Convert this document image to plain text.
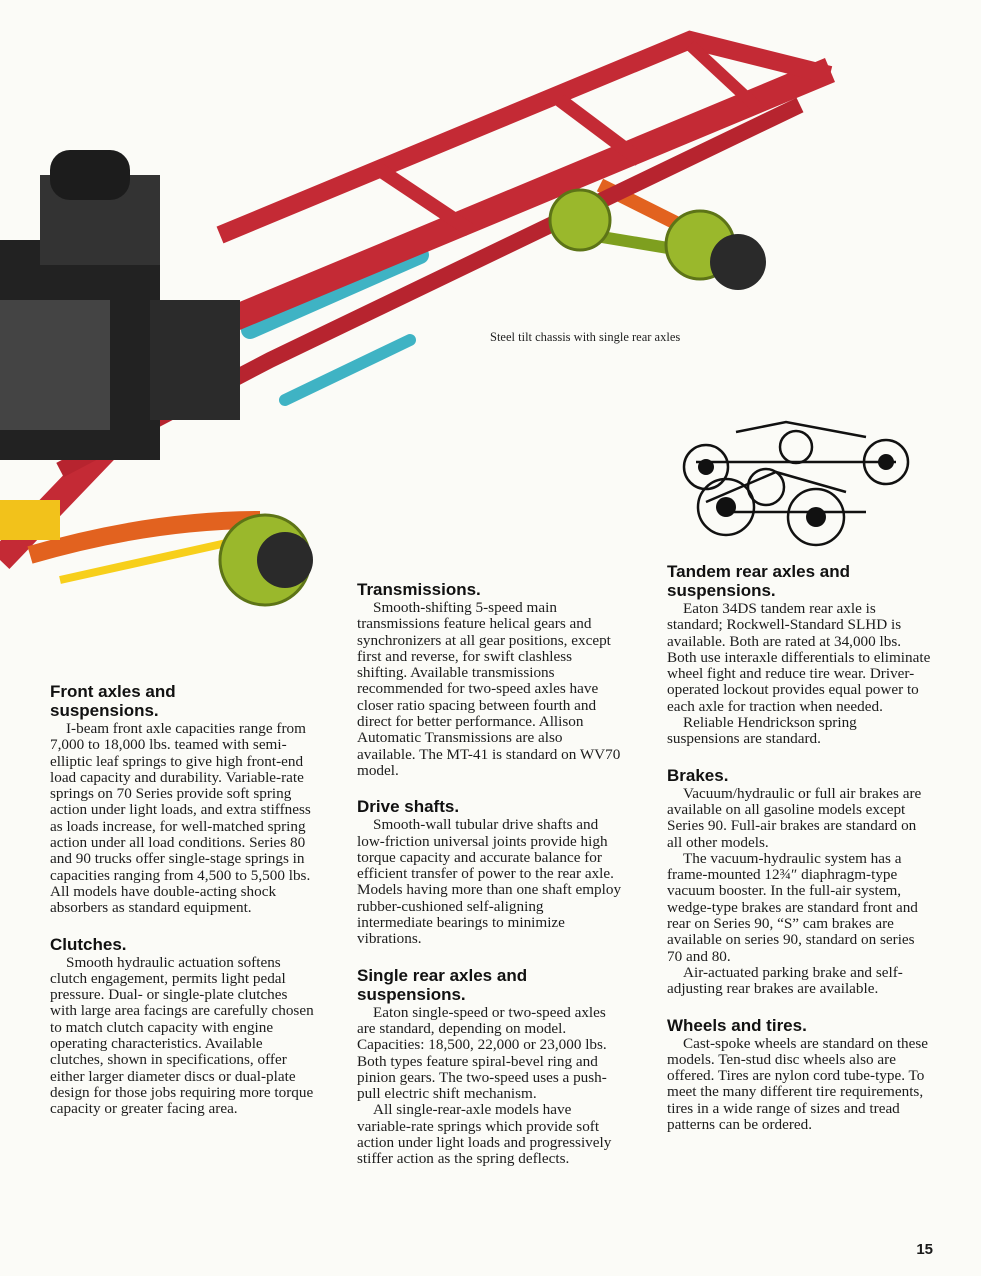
Steel tilt chassis with single rear axles
Front axles and
suspensions.

I-beam front axle capacities range from 7,000 to 18,000 lbs. teamed with semi-elliptic leaf springs to give high front-end load capacity and durability. Variable-rate springs on 70 Series provide soft spring action under light loads, and extra stiffness as loads increase, for well-matched spring action under all load conditions. Series 80 and 90 trucks offer single-stage springs in capacities ranging from 4,500 to 5,500 lbs. All models have double-acting shock absorbers as standard equipment.

Clutches.

Smooth hydraulic actuation softens clutch engagement, permits light pedal pressure. Dual- or single-plate clutches with large area facings are carefully chosen to match clutch capacity with engine operating characteristics. Available clutches, shown in specifications, offer either larger diameter discs or dual-plate design for those jobs requiring more torque capacity or greater facing area.

Transmissions.

Smooth-shifting 5-speed main transmissions feature helical gears and synchronizers at all gear positions, except first and reverse, for swift clashless shifting. Available transmissions recommended for two-speed axles have closer ratio spacing between fourth and direct for better performance. Allison Automatic Transmissions are also available. The MT-41 is standard on WV70 model.

Drive shafts.

Smooth-wall tubular drive shafts and low-friction universal joints provide high torque capacity and accurate balance for efficient transfer of power to the rear axle. Models having more than one shaft employ rubber-cushioned self-aligning intermediate bearings to minimize vibrations.

Single rear axles and
suspensions.

Eaton single-speed or two-speed axles are standard, depending on model. Capacities: 18,500, 22,000 or 23,000 lbs. Both types feature spiral-bevel ring and pinion gears. The two-speed uses a push-pull electric shift mechanism.

All single-rear-axle models have variable-rate springs which provide soft action under light loads and progressively stiffer action as the spring deflects.

Tandem rear axles and
suspensions.

Eaton 34DS tandem rear axle is standard; Rockwell-Standard SLHD is available. Both are rated at 34,000 lbs. Both use interaxle differentials to eliminate wheel fight and reduce tire wear. Driver-operated lockout provides equal power to each axle for traction when needed.

Reliable Hendrickson spring suspensions are standard.

Brakes.

Vacuum/hydraulic or full air brakes are available on all gasoline models except Series 90. Full-air brakes are standard on all other models.

The vacuum-hydraulic system has a frame-mounted 12¾″ diaphragm-type vacuum booster. In the full-air system, wedge-type brakes are standard front and rear on Series 90, “S” cam brakes are available on series 90, standard on series 70 and 80.

Air-actuated parking brake and self-adjusting rear brakes are available.

Wheels and tires.

Cast-spoke wheels are standard on these models. Ten-stud disc wheels also are offered. Tires are nylon cord tube-type. To meet the many different tire requirements, tires in a wide range of sizes and tread patterns can be ordered.

15
